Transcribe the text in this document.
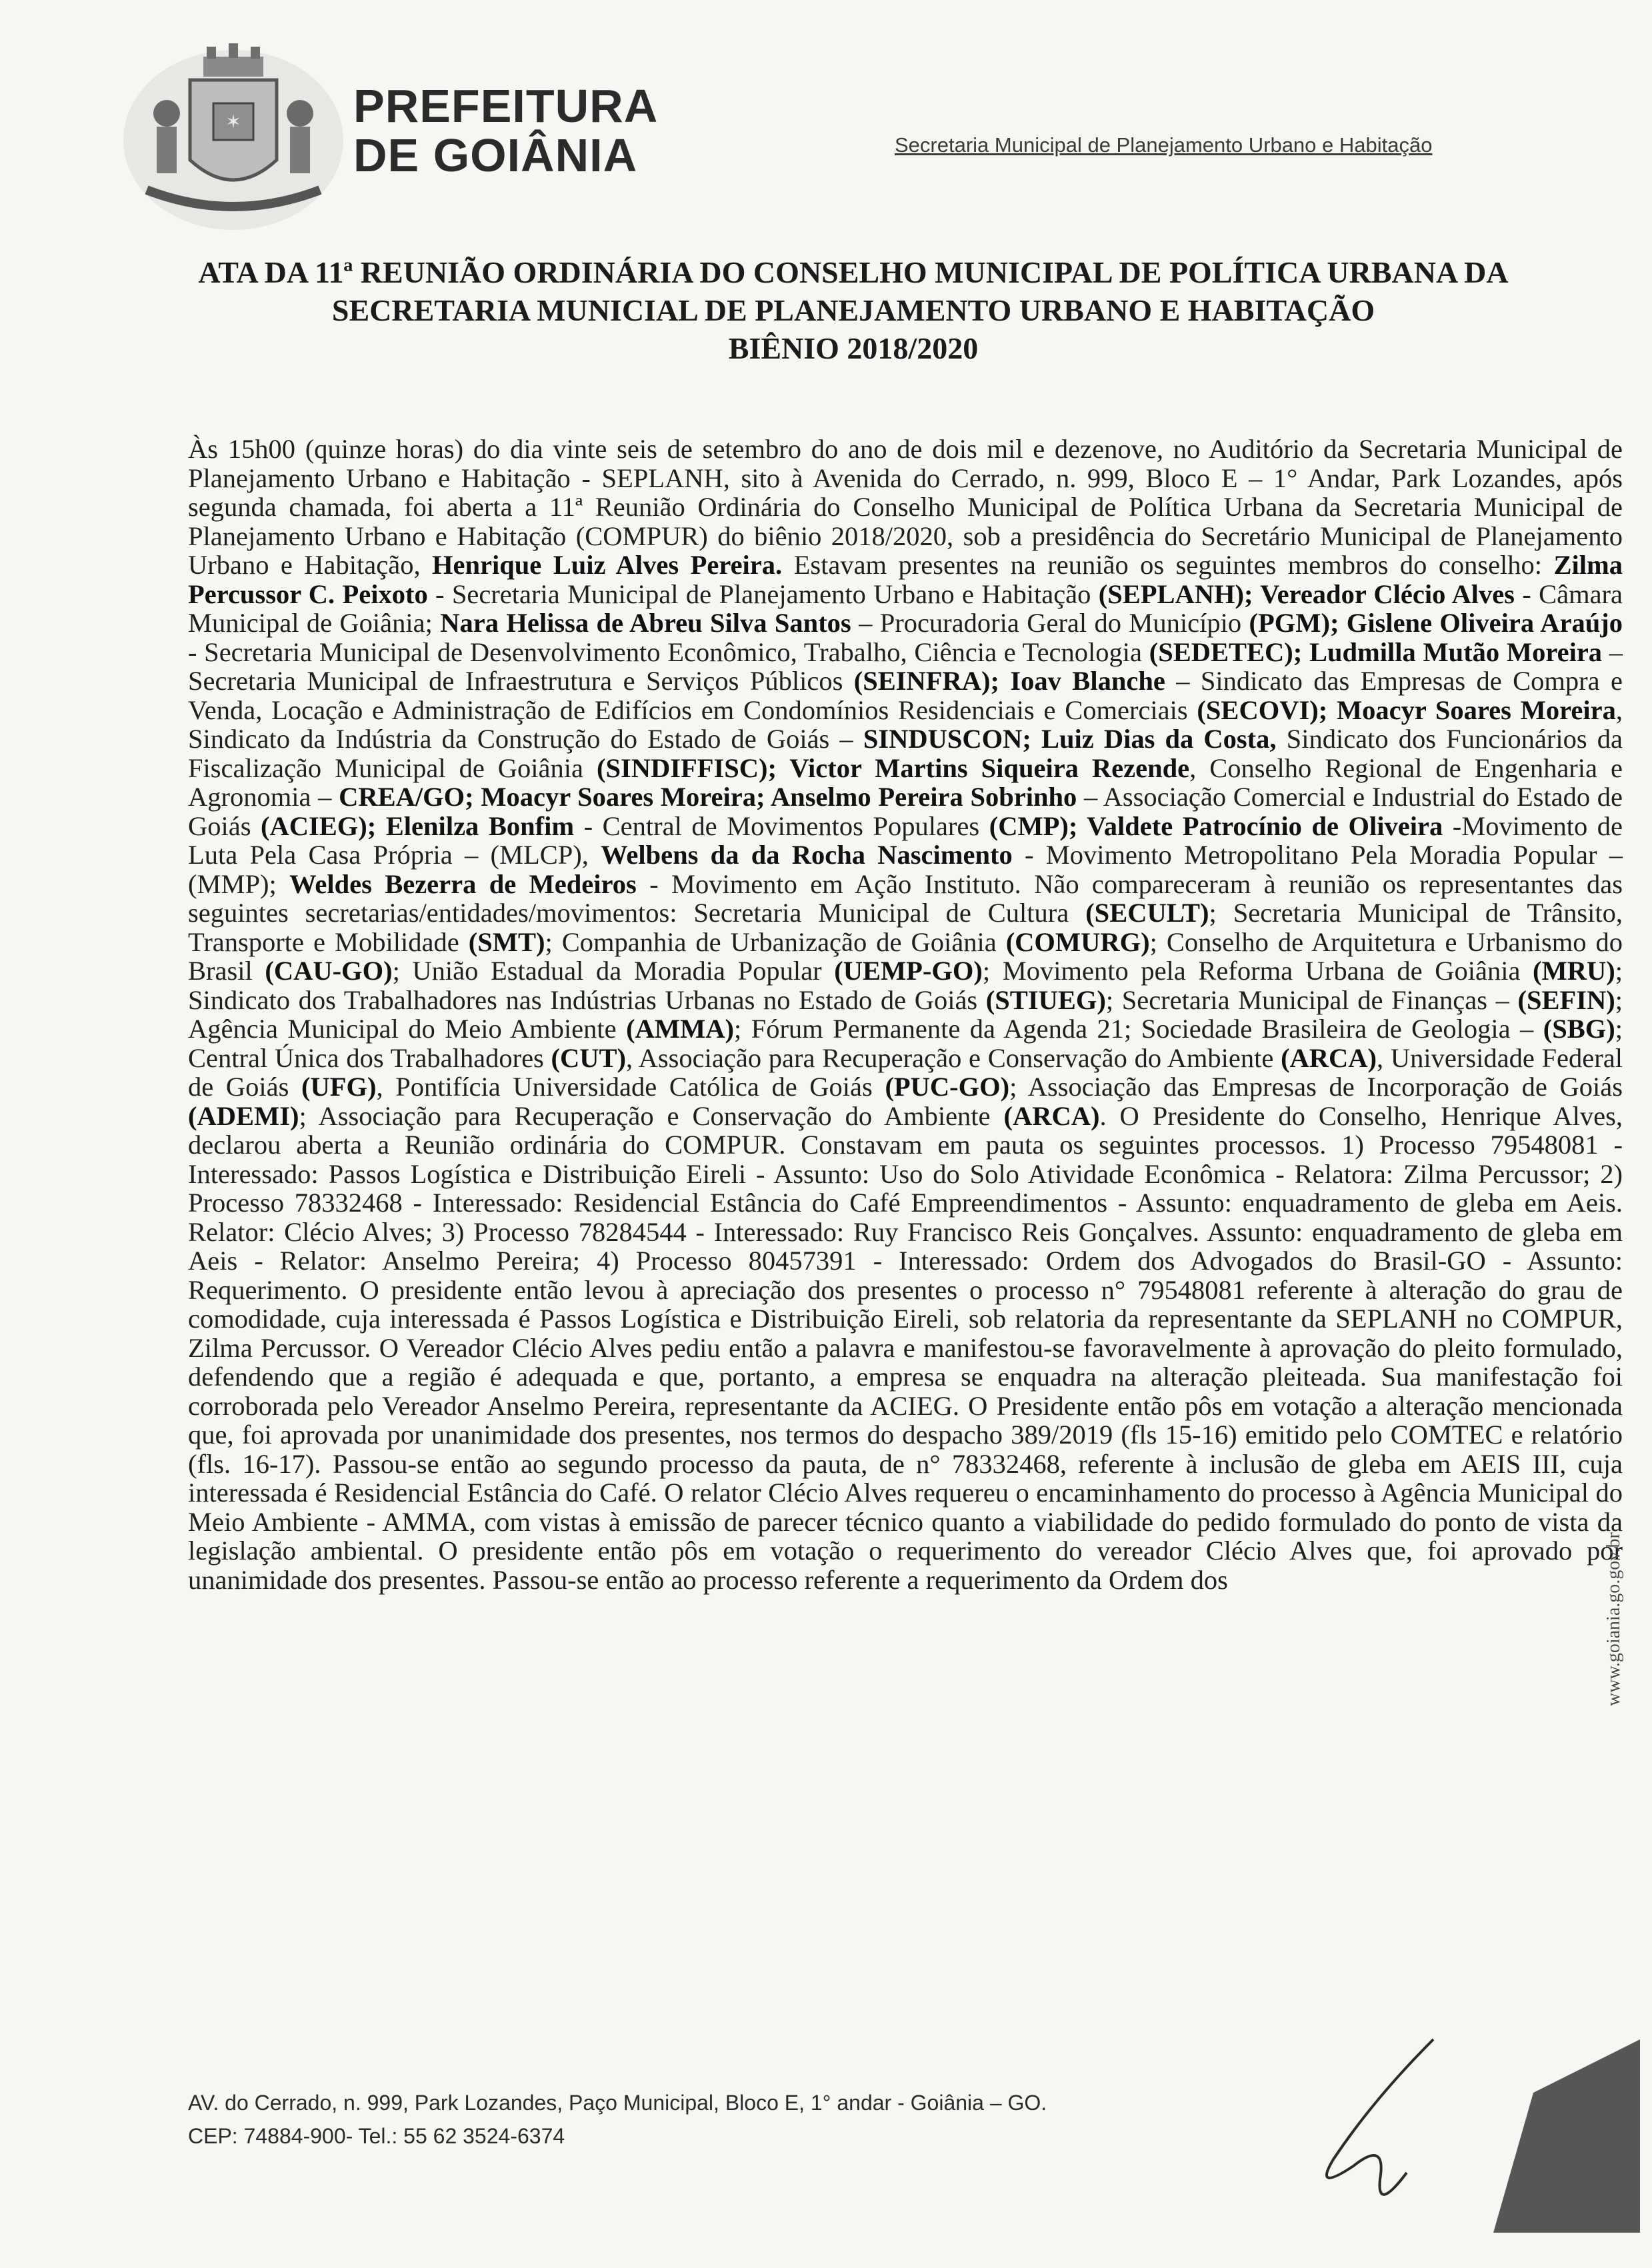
✶ PREFEITURA
DE GOIÂNIA	Secretaria Municipal de Planejamento Urbano e Habitação
ATA DA 11ª REUNIÃO ORDINÁRIA DO CONSELHO MUNICIPAL DE POLÍTICA URBANA DA
SECRETARIA MUNICIAL DE PLANEJAMENTO URBANO E HABITAÇÃO
BIÊNIO 2018/2020
Às 15h00 (quinze horas) do dia vinte seis de setembro do ano de dois mil e dezenove, no Auditório da Secretaria Municipal de Planejamento Urbano e Habitação - SEPLANH, sito à Avenida do Cerrado, n. 999, Bloco E – 1° Andar, Park Lozandes, após segunda chamada, foi aberta a 11ª Reunião Ordinária do Conselho Municipal de Política Urbana da Secretaria Municipal de Planejamento Urbano e Habitação (COMPUR) do biênio 2018/2020, sob a presidência do Secretário Municipal de Planejamento Urbano e Habitação, Henrique Luiz Alves Pereira. Estavam presentes na reunião os seguintes membros do conselho: Zilma Percussor C. Peixoto - Secretaria Municipal de Planejamento Urbano e Habitação (SEPLANH); Vereador Clécio Alves - Câmara Municipal de Goiânia; Nara Helissa de Abreu Silva Santos – Procuradoria Geral do Município (PGM); Gislene Oliveira Araújo - Secretaria Municipal de Desenvolvimento Econômico, Trabalho, Ciência e Tecnologia (SEDETEC); Ludmilla Mutão Moreira – Secretaria Municipal de Infraestrutura e Serviços Públicos (SEINFRA); Ioav Blanche – Sindicato das Empresas de Compra e Venda, Locação e Administração de Edifícios em Condomínios Residenciais e Comerciais (SECOVI); Moacyr Soares Moreira, Sindicato da Indústria da Construção do Estado de Goiás – SINDUSCON; Luiz Dias da Costa, Sindicato dos Funcionários da Fiscalização Municipal de Goiânia (SINDIFFISC); Victor Martins Siqueira Rezende, Conselho Regional de Engenharia e Agronomia – CREA/GO; Moacyr Soares Moreira; Anselmo Pereira Sobrinho – Associação Comercial e Industrial do Estado de Goiás (ACIEG); Elenilza Bonfim - Central de Movimentos Populares (CMP); Valdete Patrocínio de Oliveira -Movimento de Luta Pela Casa Própria – (MLCP), Welbens da da Rocha Nascimento - Movimento Metropolitano Pela Moradia Popular – (MMP); Weldes Bezerra de Medeiros - Movimento em Ação Instituto. Não compareceram à reunião os representantes das seguintes secretarias/entidades/movimentos: Secretaria Municipal de Cultura (SECULT); Secretaria Municipal de Trânsito, Transporte e Mobilidade (SMT); Companhia de Urbanização de Goiânia (COMURG); Conselho de Arquitetura e Urbanismo do Brasil (CAU-GO); União Estadual da Moradia Popular (UEMP-GO); Movimento pela Reforma Urbana de Goiânia (MRU); Sindicato dos Trabalhadores nas Indústrias Urbanas no Estado de Goiás (STIUEG); Secretaria Municipal de Finanças – (SEFIN); Agência Municipal do Meio Ambiente (AMMA); Fórum Permanente da Agenda 21; Sociedade Brasileira de Geologia – (SBG); Central Única dos Trabalhadores (CUT), Associação para Recuperação e Conservação do Ambiente (ARCA), Universidade Federal de Goiás (UFG), Pontifícia Universidade Católica de Goiás (PUC-GO); Associação das Empresas de Incorporação de Goiás (ADEMI); Associação para Recuperação e Conservação do Ambiente (ARCA). O Presidente do Conselho, Henrique Alves, declarou aberta a Reunião ordinária do COMPUR. Constavam em pauta os seguintes processos. 1) Processo 79548081 - Interessado: Passos Logística e Distribuição Eireli - Assunto: Uso do Solo Atividade Econômica - Relatora: Zilma Percussor; 2) Processo 78332468 - Interessado: Residencial Estância do Café Empreendimentos - Assunto: enquadramento de gleba em Aeis. Relator: Clécio Alves; 3) Processo 78284544 - Interessado: Ruy Francisco Reis Gonçalves. Assunto: enquadramento de gleba em Aeis - Relator: Anselmo Pereira; 4) Processo 80457391 - Interessado: Ordem dos Advogados do Brasil-GO - Assunto: Requerimento. O presidente então levou à apreciação dos presentes o processo n° 79548081 referente à alteração do grau de comodidade, cuja interessada é Passos Logística e Distribuição Eireli, sob relatoria da representante da SEPLANH no COMPUR, Zilma Percussor. O Vereador Clécio Alves pediu então a palavra e manifestou-se favoravelmente à aprovação do pleito formulado, defendendo que a região é adequada e que, portanto, a empresa se enquadra na alteração pleiteada. Sua manifestação foi corroborada pelo Vereador Anselmo Pereira, representante da ACIEG. O Presidente então pôs em votação a alteração mencionada que, foi aprovada por unanimidade dos presentes, nos termos do despacho 389/2019 (fls 15-16) emitido pelo COMTEC e relatório (fls. 16-17). Passou-se então ao segundo processo da pauta, de n° 78332468, referente à inclusão de gleba em AEIS III, cuja interessada é Residencial Estância do Café. O relator Clécio Alves requereu o encaminhamento do processo à Agência Municipal do Meio Ambiente - AMMA, com vistas à emissão de parecer técnico quanto a viabilidade do pedido formulado do ponto de vista da legislação ambiental. O presidente então pôs em votação o requerimento do vereador Clécio Alves que, foi aprovado por unanimidade dos presentes. Passou-se então ao processo referente a requerimento da Ordem dos	www.goiania.go.gov.br
AV. do Cerrado, n. 999, Park Lozandes, Paço Municipal, Bloco E, 1° andar - Goiânia – GO.
CEP: 74884-900- Tel.: 55 62 3524-6374
